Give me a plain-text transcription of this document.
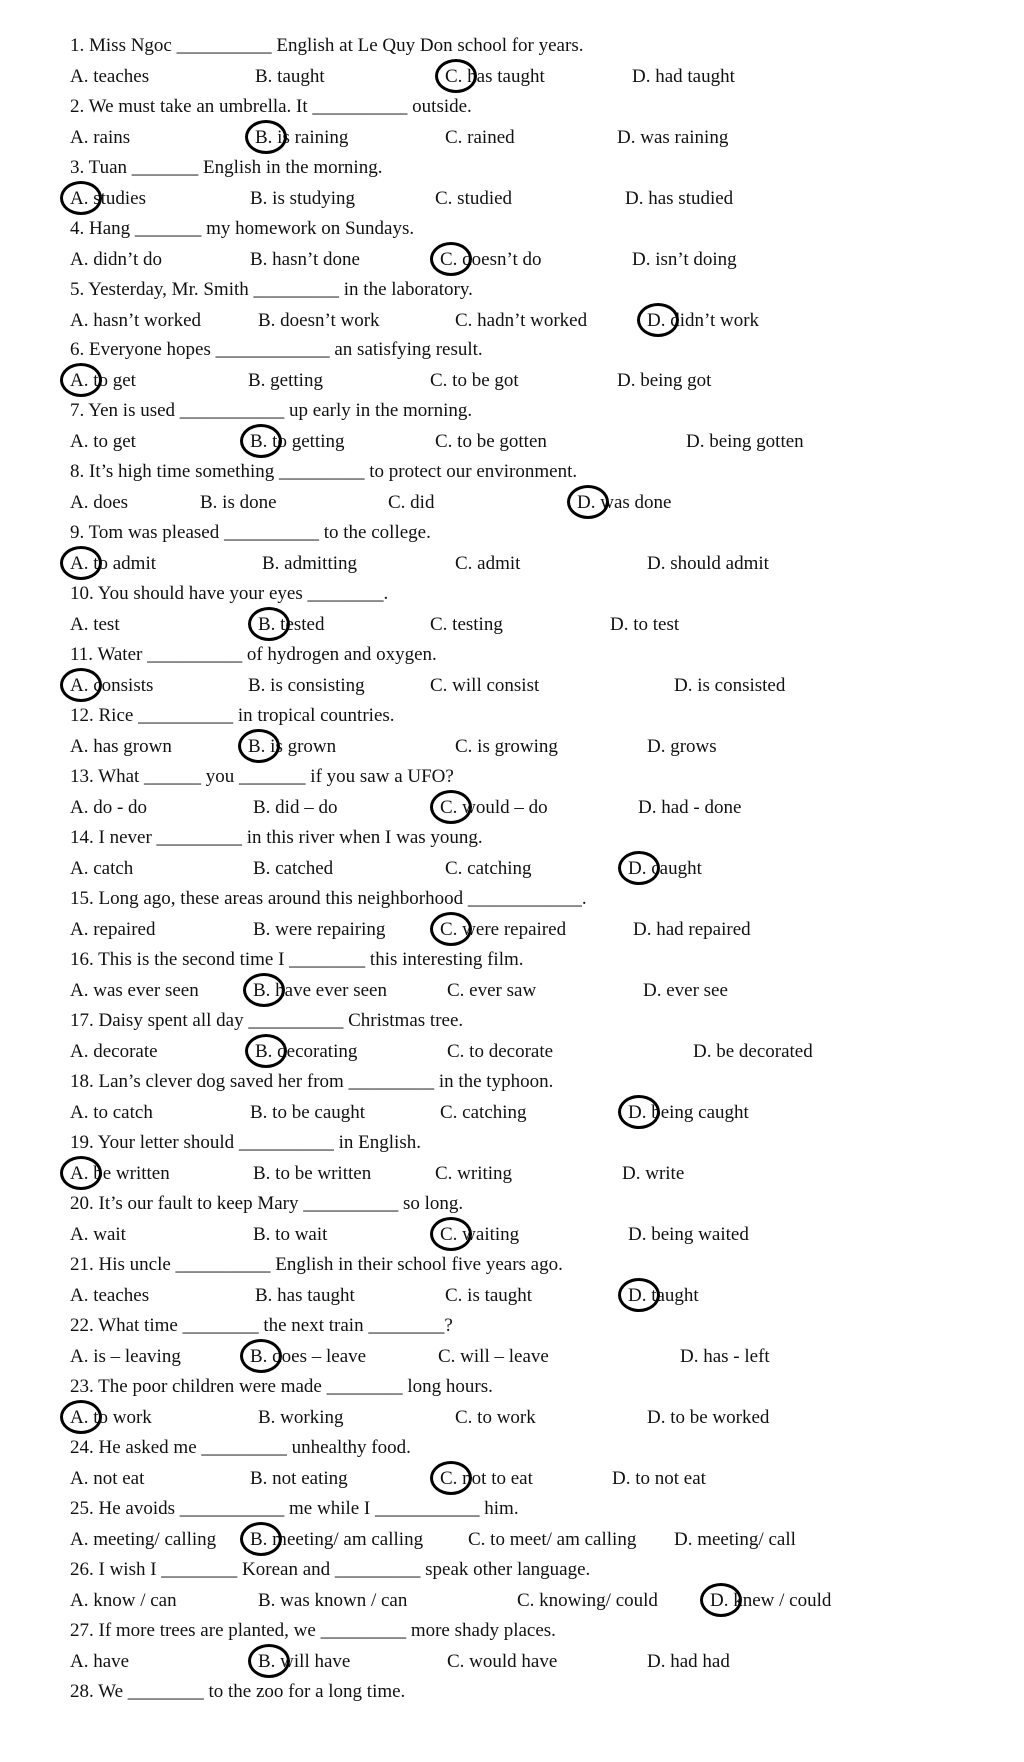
1. Miss Ngoc __________ English at Le Quy Don school for years.
A. teaches	B. taught	C. has taught	D. had taught
2. We must take an umbrella. It __________ outside.
A. rains	B. is raining	C. rained	D. was raining
3. Tuan _______ English in the morning.
A. studies	B. is studying	C. studied	D. has studied
4. Hang _______ my homework on Sundays.
A. didn’t do	B. hasn’t done	C. doesn’t do	D. isn’t doing
5. Yesterday, Mr. Smith _________ in the laboratory.
A. hasn’t worked	B. doesn’t work	C. hadn’t worked	D. didn’t work
6. Everyone hopes ____________ an satisfying result.
A. to get	B. getting	C. to be got	D. being got
7. Yen is used ___________ up early in the morning.
A. to get	B. to getting	C. to be gotten	D. being gotten
8. It’s high time something _________ to protect our environment.
A. does	B. is done	C. did	D. was done
9. Tom was pleased __________ to the college.
A. to admit	B. admitting	C. admit	D. should admit
10. You should have your eyes ________.
A. test	B. tested	C. testing	D. to test
11. Water __________ of hydrogen and oxygen.
A. consists	B. is consisting	C. will consist	D. is consisted
12. Rice __________ in tropical countries.
A. has grown	B. is grown	C. is growing	D. grows
13. What ______ you _______ if you saw a UFO?
A. do - do	B. did – do	C. would – do	D. had - done
14. I never _________ in this river when I was young.
A. catch	B. catched	C. catching	D. caught
15. Long ago, these areas around this neighborhood ____________.
A. repaired	B. were repairing	C. were repaired	D. had repaired
16. This is the second time I ________ this interesting film.
A. was ever seen	B. have ever seen	C. ever saw	D. ever see
17. Daisy spent all day __________ Christmas tree.
A. decorate	B. decorating	C. to decorate	D. be decorated
18. Lan’s clever dog saved her from _________ in the typhoon.
A. to catch	B. to be caught	C. catching	D. being caught
19. Your letter should __________ in English.
A. be written	B. to be written	C. writing	D. write
20. It’s our fault to keep Mary __________ so long.
A. wait	B. to wait	C. waiting	D. being waited
21. His uncle __________ English in their school five years ago.
A. teaches	B. has taught	C. is taught	D. taught
22. What time ________ the next train ________?
A. is – leaving	B. does – leave	C. will – leave	D. has - left
23. The poor children were made ________ long hours.
A. to work	B. working	C. to work	D. to be worked
24. He asked me _________ unhealthy food.
A. not eat	B. not eating	C. not to eat	D. to not eat
25. He avoids ___________ me while I ___________ him.
A. meeting/ calling B. meeting/ am calling C. to meet/ am calling D. meeting/ call
26. I wish I ________ Korean and _________ speak other language.
A. know / can	B. was known / can	C. knowing/ could	D. knew / could
27. If more trees are planted, we _________ more shady places.
A. have	B. will have	C. would have	D. had had
28. We ________ to the zoo for a long time.
